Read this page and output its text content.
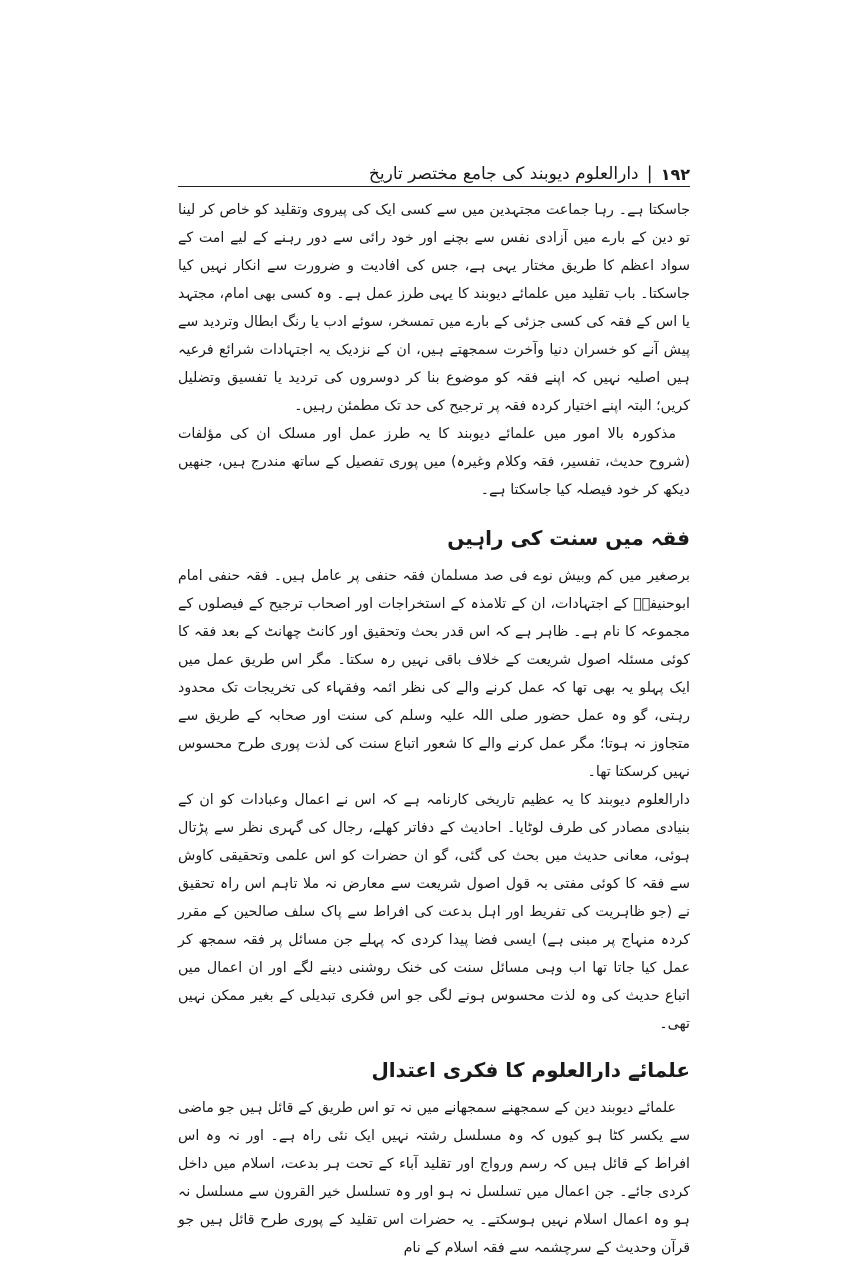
۱۹۲
|
دارالعلوم دیوبند کی جامع مختصر تاریخ

جاسکتا ہے۔ رہا جماعت مجتہدین میں سے کسی ایک کی پیروی وتقلید کو خاص کر لینا تو دین کے بارے میں آزادی نفس سے بچنے اور خود رائی سے دور رہنے کے لیے امت کے سواد اعظم کا طریق مختار یہی ہے، جس کی افادیت و ضرورت سے انکار نہیں کیا جاسکتا۔ باب تقلید میں علمائے دیوبند کا یہی طرز عمل ہے۔ وہ کسی بھی امام، مجتہد یا اس کے فقہ کی کسی جزئی کے بارے میں تمسخر، سوئے ادب یا رنگ ابطال وتردید سے پیش آنے کو خسران دنیا وآخرت سمجھتے ہیں، ان کے نزدیک یہ اجتہادات شرائع فرعیہ ہیں اصلیہ نہیں کہ اپنے فقہ کو موضوع بنا کر دوسروں کی تردید یا تفسیق وتضلیل کریں؛ البتہ اپنے اختیار کردہ فقہ پر ترجیح کی حد تک مطمئن رہیں۔

مذکورہ بالا امور میں علمائے دیوبند کا یہ طرز عمل اور مسلک ان کی مؤلفات (شروح حدیث، تفسیر، فقہ وکلام وغیرہ) میں پوری تفصیل کے ساتھ مندرج ہیں، جنھیں دیکھ کر خود فیصلہ کیا جاسکتا ہے۔

فقہ میں سنت کی راہیں

برصغیر میں کم وبیش نوے فی صد مسلمان فقہ حنفی پر عامل ہیں۔ فقہ حنفی امام ابوحنیفہؒ کے اجتہادات، ان کے تلامذہ کے استخراجات اور اصحاب ترجیح کے فیصلوں کے مجموعہ کا نام ہے۔ ظاہر ہے کہ اس قدر بحث وتحقیق اور کانٹ چھانٹ کے بعد فقہ کا کوئی مسئلہ اصول شریعت کے خلاف باقی نہیں رہ سکتا۔ مگر اس طریق عمل میں ایک پہلو یہ بھی تھا کہ عمل کرنے والے کی نظر ائمہ وفقہاء کی تخریجات تک محدود رہتی، گو وہ عمل حضور صلی اللہ علیہ وسلم کی سنت اور صحابہ کے طریق سے متجاوز نہ ہوتا؛ مگر عمل کرنے والے کا شعور اتباع سنت کی لذت پوری طرح محسوس نہیں کرسکتا تھا۔

دارالعلوم دیوبند کا یہ عظیم تاریخی کارنامہ ہے کہ اس نے اعمال وعبادات کو ان کے بنیادی مصادر کی طرف لوٹایا۔ احادیث کے دفاتر کھلے، رجال کی گہری نظر سے پڑتال ہوئی، معانی حدیث میں بحث کی گئی، گو ان حضرات کو اس علمی وتحقیقی کاوش سے فقہ کا کوئی مفتی بہ قول اصول شریعت سے معارض نہ ملا تاہم اس راہ تحقیق نے (جو ظاہریت کی تفریط اور اہل بدعت کی افراط سے پاک سلف صالحین کے مقرر کردہ منہاج پر مبنی ہے) ایسی فضا پیدا کردی کہ پہلے جن مسائل پر فقہ سمجھ کر عمل کیا جاتا تھا اب وہی مسائل سنت کی خنک روشنی دینے لگے اور ان اعمال میں اتباع حدیث کی وہ لذت محسوس ہونے لگی جو اس فکری تبدیلی کے بغیر ممکن نہیں تھی۔

علمائے دارالعلوم کا فکری اعتدال

علمائے دیوبند دین کے سمجھنے سمجھانے میں نہ تو اس طریق کے قائل ہیں جو ماضی سے یکسر کٹا ہو کیوں کہ وہ مسلسل رشتہ نہیں ایک نئی راہ ہے۔ اور نہ وہ اس افراط کے قائل ہیں کہ رسم ورواج اور تقلید آباء کے تحت ہر بدعت، اسلام میں داخل کردی جائے۔ جن اعمال میں تسلسل نہ ہو اور وہ تسلسل خیر القرون سے مسلسل نہ ہو وہ اعمال اسلام نہیں ہوسکتے۔ یہ حضرات اس تقلید کے پوری طرح قائل ہیں جو قرآن وحدیث کے سرچشمہ سے فقہ اسلام کے نام
